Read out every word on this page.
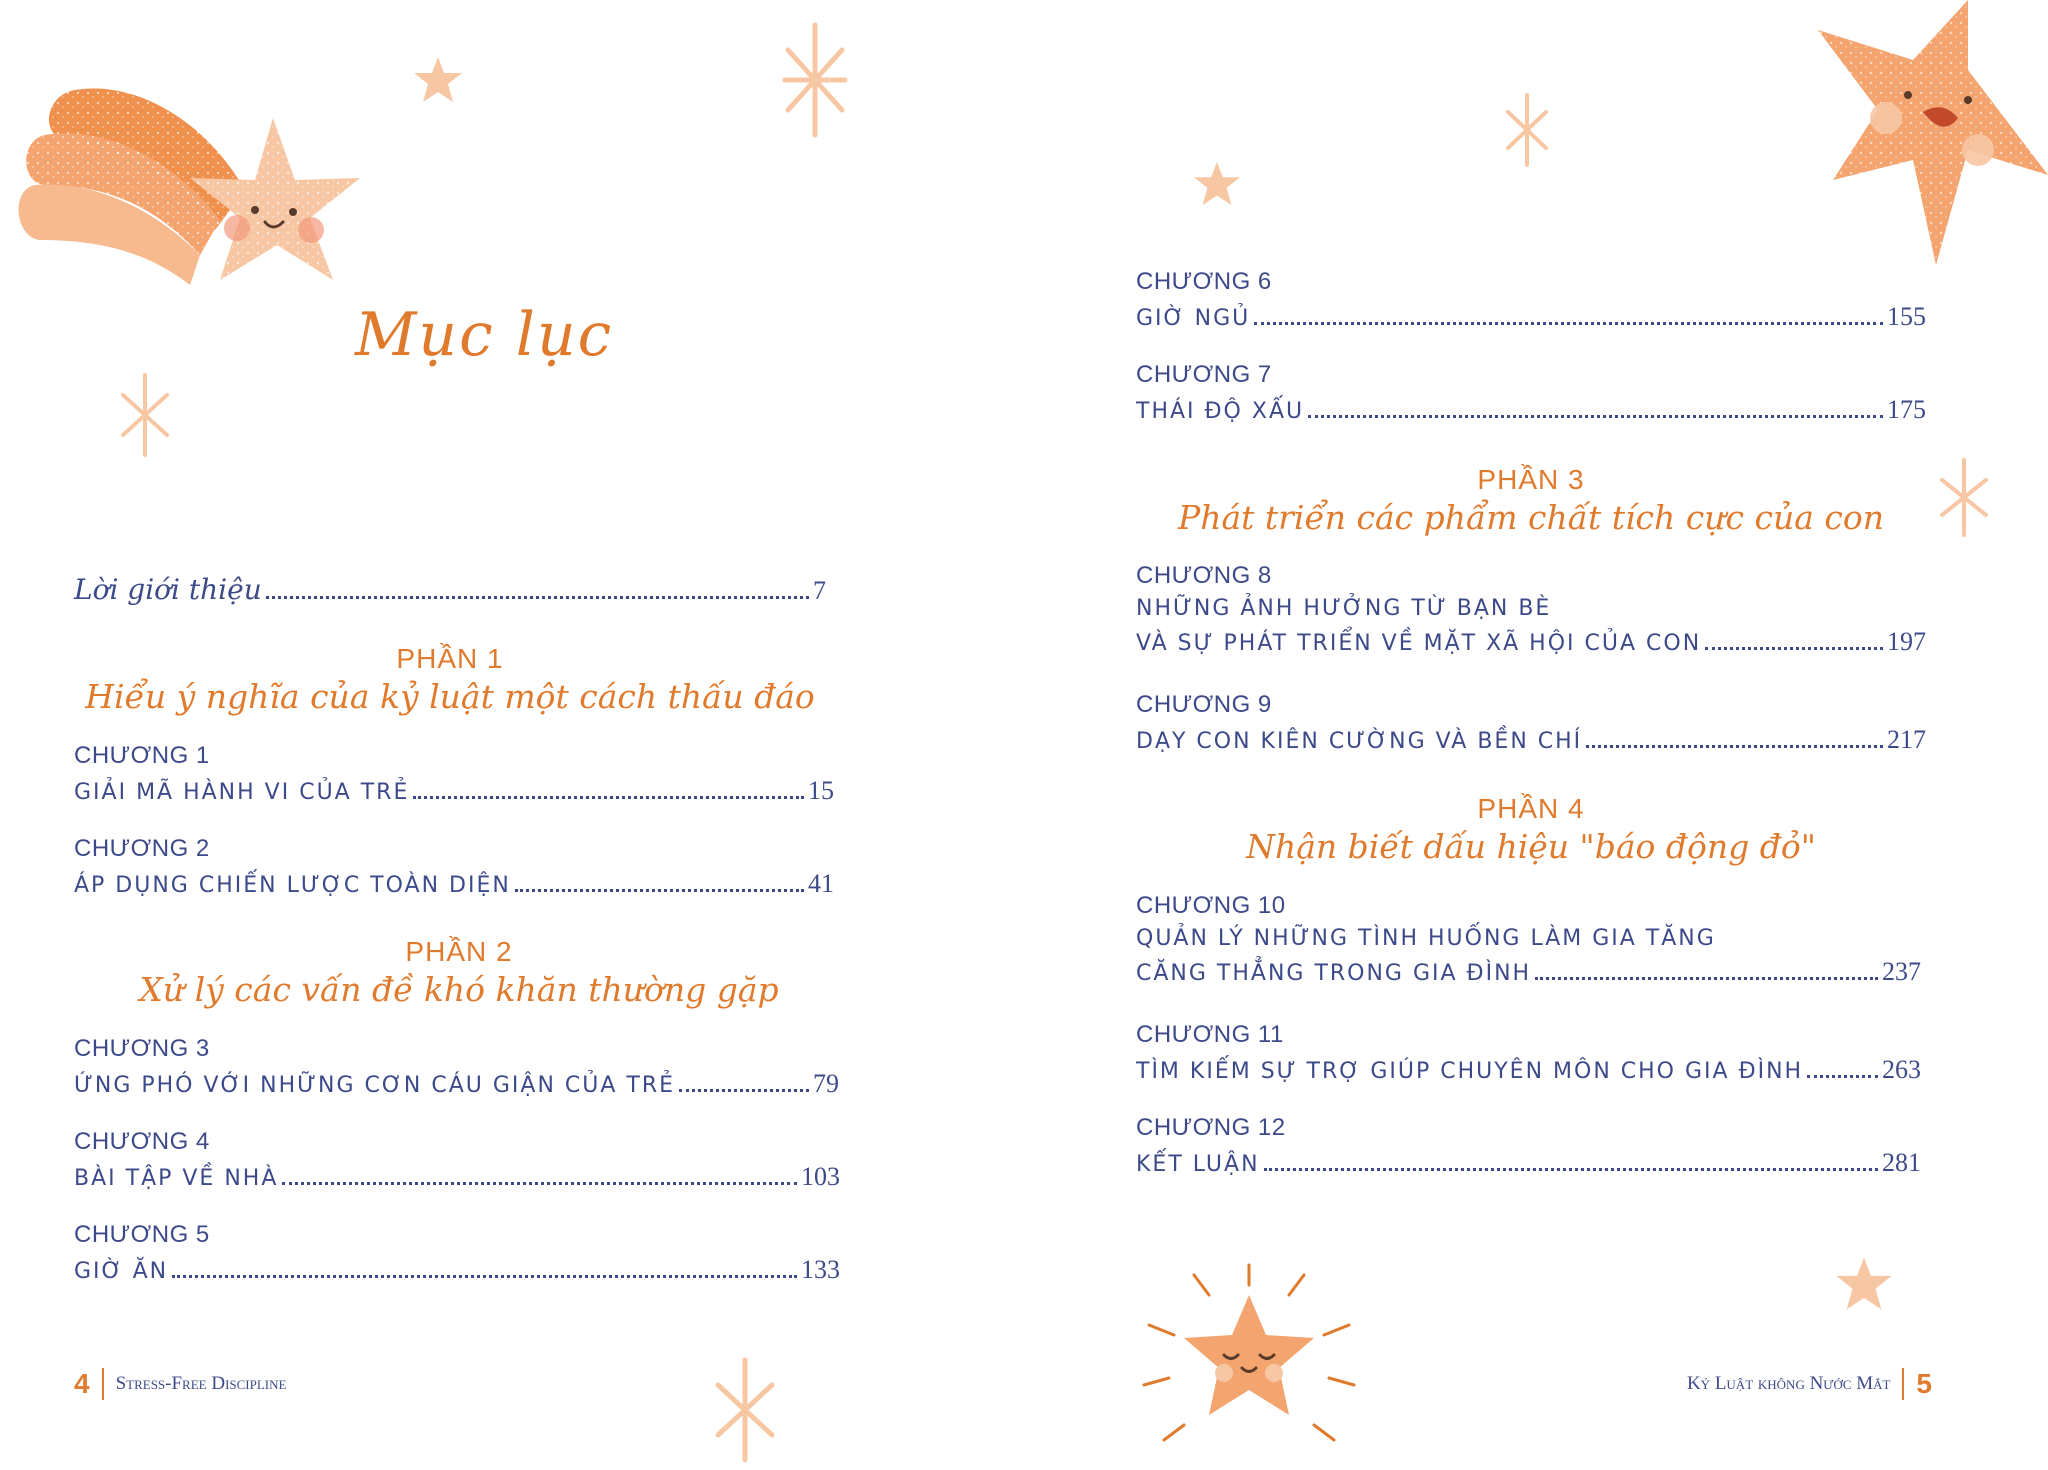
Mục lục
Lời giới thiệu	7
PHẦN 1
Hiểu ý nghĩa của kỷ luật một cách thấu đáo
CHƯƠNG 1
GIẢI MÃ HÀNH VI CỦA TRẺ	15
CHƯƠNG 2
ÁP DỤNG CHIẾN LƯỢC TOÀN DIỆN	41
PHẦN 2
Xử lý các vấn đề khó khăn thường gặp
CHƯƠNG 3
ỨNG PHÓ VỚI NHỮNG CƠN CÁU GIẬN CỦA TRẺ	79
CHƯƠNG 4
BÀI TẬP VỀ NHÀ	103
CHƯƠNG 5
GIỜ ĂN	133
4 Stress-Free Discipline
CHƯƠNG 6
GIỜ NGỦ	155
CHƯƠNG 7
THÁI ĐỘ XẤU	175
PHẦN 3
Phát triển các phẩm chất tích cực của con
CHƯƠNG 8
NHỮNG ẢNH HƯỞNG TỪ BẠN BÈ
VÀ SỰ PHÁT TRIỂN VỀ MẶT XÃ HỘI CỦA CON	197
CHƯƠNG 9
DẠY CON KIÊN CƯỜNG VÀ BỀN CHÍ	217
PHẦN 4
Nhận biết dấu hiệu "báo động đỏ"
CHƯƠNG 10
QUẢN LÝ NHỮNG TÌNH HUỐNG LÀM GIA TĂNG
CĂNG THẲNG TRONG GIA ĐÌNH	237
CHƯƠNG 11
TÌM KIẾM SỰ TRỢ GIÚP CHUYÊN MÔN CHO GIA ĐÌNH	263
CHƯƠNG 12
KẾT LUẬN	281
Kỷ Luật không Nước Mắt 5
